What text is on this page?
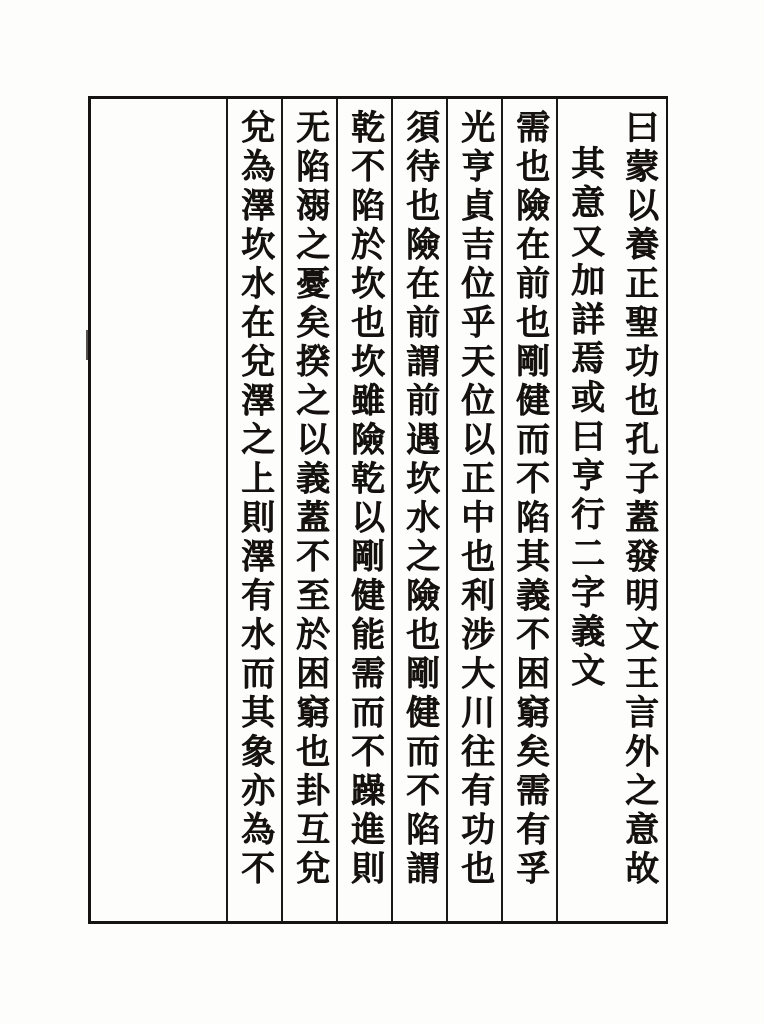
曰蒙以養正聖功也孔子蓋發明文王言外之意故
其意又加詳焉或曰亨行二字義文
需也險在前也剛健而不陷其義不困窮矣需有孚
光亨貞吉位乎天位以正中也利涉大川往有功也
須待也險在前謂前遇坎水之險也剛健而不陷謂
乾不陷於坎也坎雖險乾以剛健能需而不躁進則
无陷溺之憂矣揆之以義蓋不至於困窮也卦互兌
兌為澤坎水在兌澤之上則澤有水而其象亦為不
